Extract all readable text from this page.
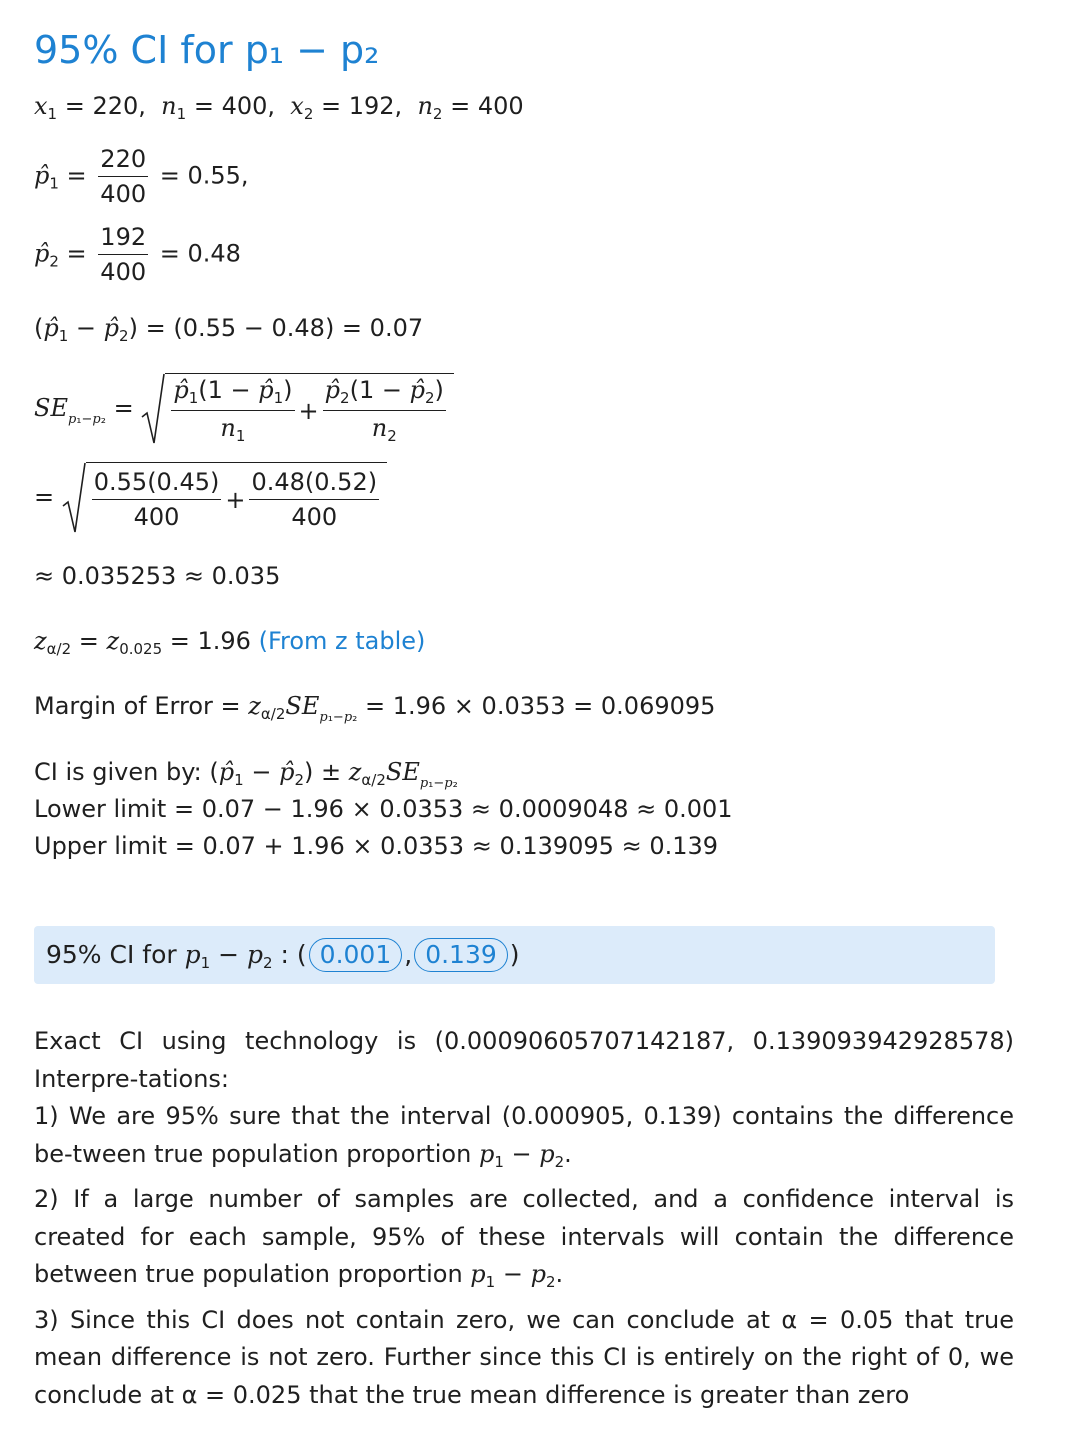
95% CI for p₁ − p₂
$x_1 = 220$,  $n_1 = 400$,  $x_2 = 192$,  $n_2 = 400$
$p̂_1 = \frac{220}{400} = 0.55$,
$p̂_2 = \frac{192}{400} = 0.48$
($p̂_1$ − $p̂_2) = (0.55 - 0.48) = 0.07$
$SE_{p_1-p_2} = \frac{p̂_1(1 - p̂_1)}{n_1} + \frac{p̂_2(1 - p̂_2)}{n_2}$
= $\frac{0.55(0.45)}{400} + \frac{0.48(0.52)}{400}$
≈ 0.035253 ≈ 0.035
$z_{\alpha/2} = z_{0.025} = 1.96$ (From z table)
Margin of Error = $z_{\alpha/2}SE_{p_1-p_2} = 1.96 \times 0.0353 = 0.069095$
CI is given by: ($p̂_1$ − $p̂_2) \pm z_{\alpha/2}SE_{p_1-p_2}$
Lower limit = 0.07 − 1.96 × 0.0353 ≈ 0.0009048 ≈ 0.001
Upper limit = 0.07 + 1.96 × 0.0353 ≈ 0.139095 ≈ 0.139
95% CI for $p_1 - p_2$ : ( 0.001 , 0.139 )
Exact CI using technology is (0.00090605707142187, 0.139093942928578) Interpre-tations:
1) We are 95% sure that the interval (0.000905, 0.139) contains the difference be-tween true population proportion $p_1 - p_2$.
2) If a large number of samples are collected, and a confidence interval is created for each sample, 95% of these intervals will contain the difference between true population proportion $p_1 - p_2$.
3) Since this CI does not contain zero, we can conclude at α = 0.05 that true mean difference is not zero. Further since this CI is entirely on the right of 0, we conclude at α = 0.025 that the true mean difference is greater than zero
